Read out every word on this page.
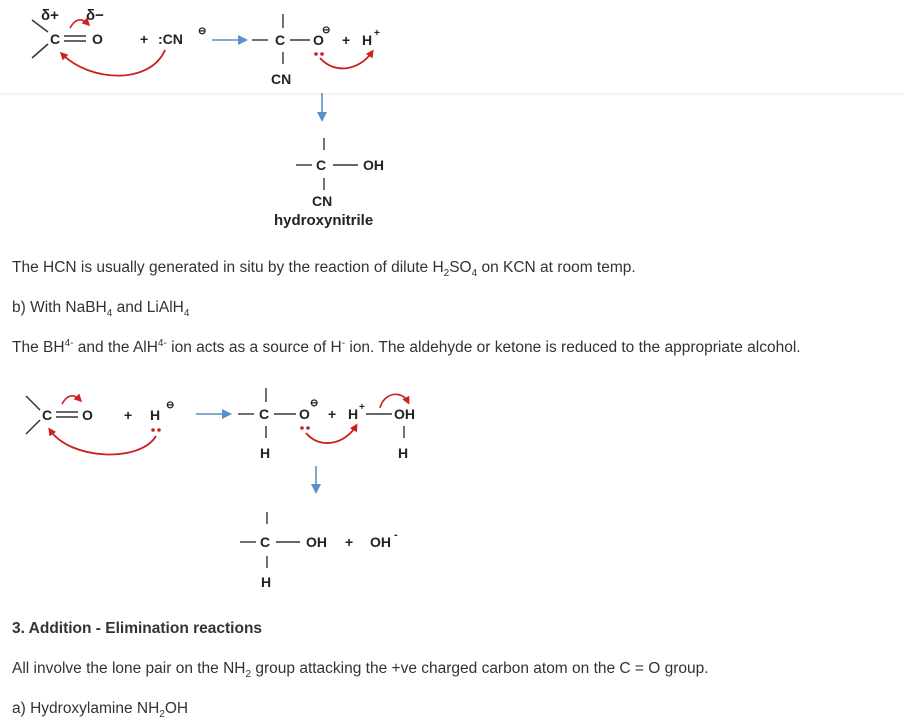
δ+ δ−
C O	+ :CN ⊖
C O
⊖
CN
+ H +
C	OH
CN
hydroxynitrile

The HCN is usually generated in situ by the reaction of dilute $H_2SO_4$ on KCN at room temp.

b) With NaBH$_4$ and LiAlH$_4$

The $BH^{4-}$ and the AlH$^{4-}$ ion acts as a source of H- ion. The aldehyde or ketone is reduced to the appropriate alcohol.

C O + H
⊖
C O
⊖
H
+ H + OH
H
C	OH + OH -
H

3. Addition - Elimination reactions

All involve the lone pair on the $NH_2$ group attacking the +ve charged carbon atom on the C = O group.

a) Hydroxylamine $NH_2OH$
